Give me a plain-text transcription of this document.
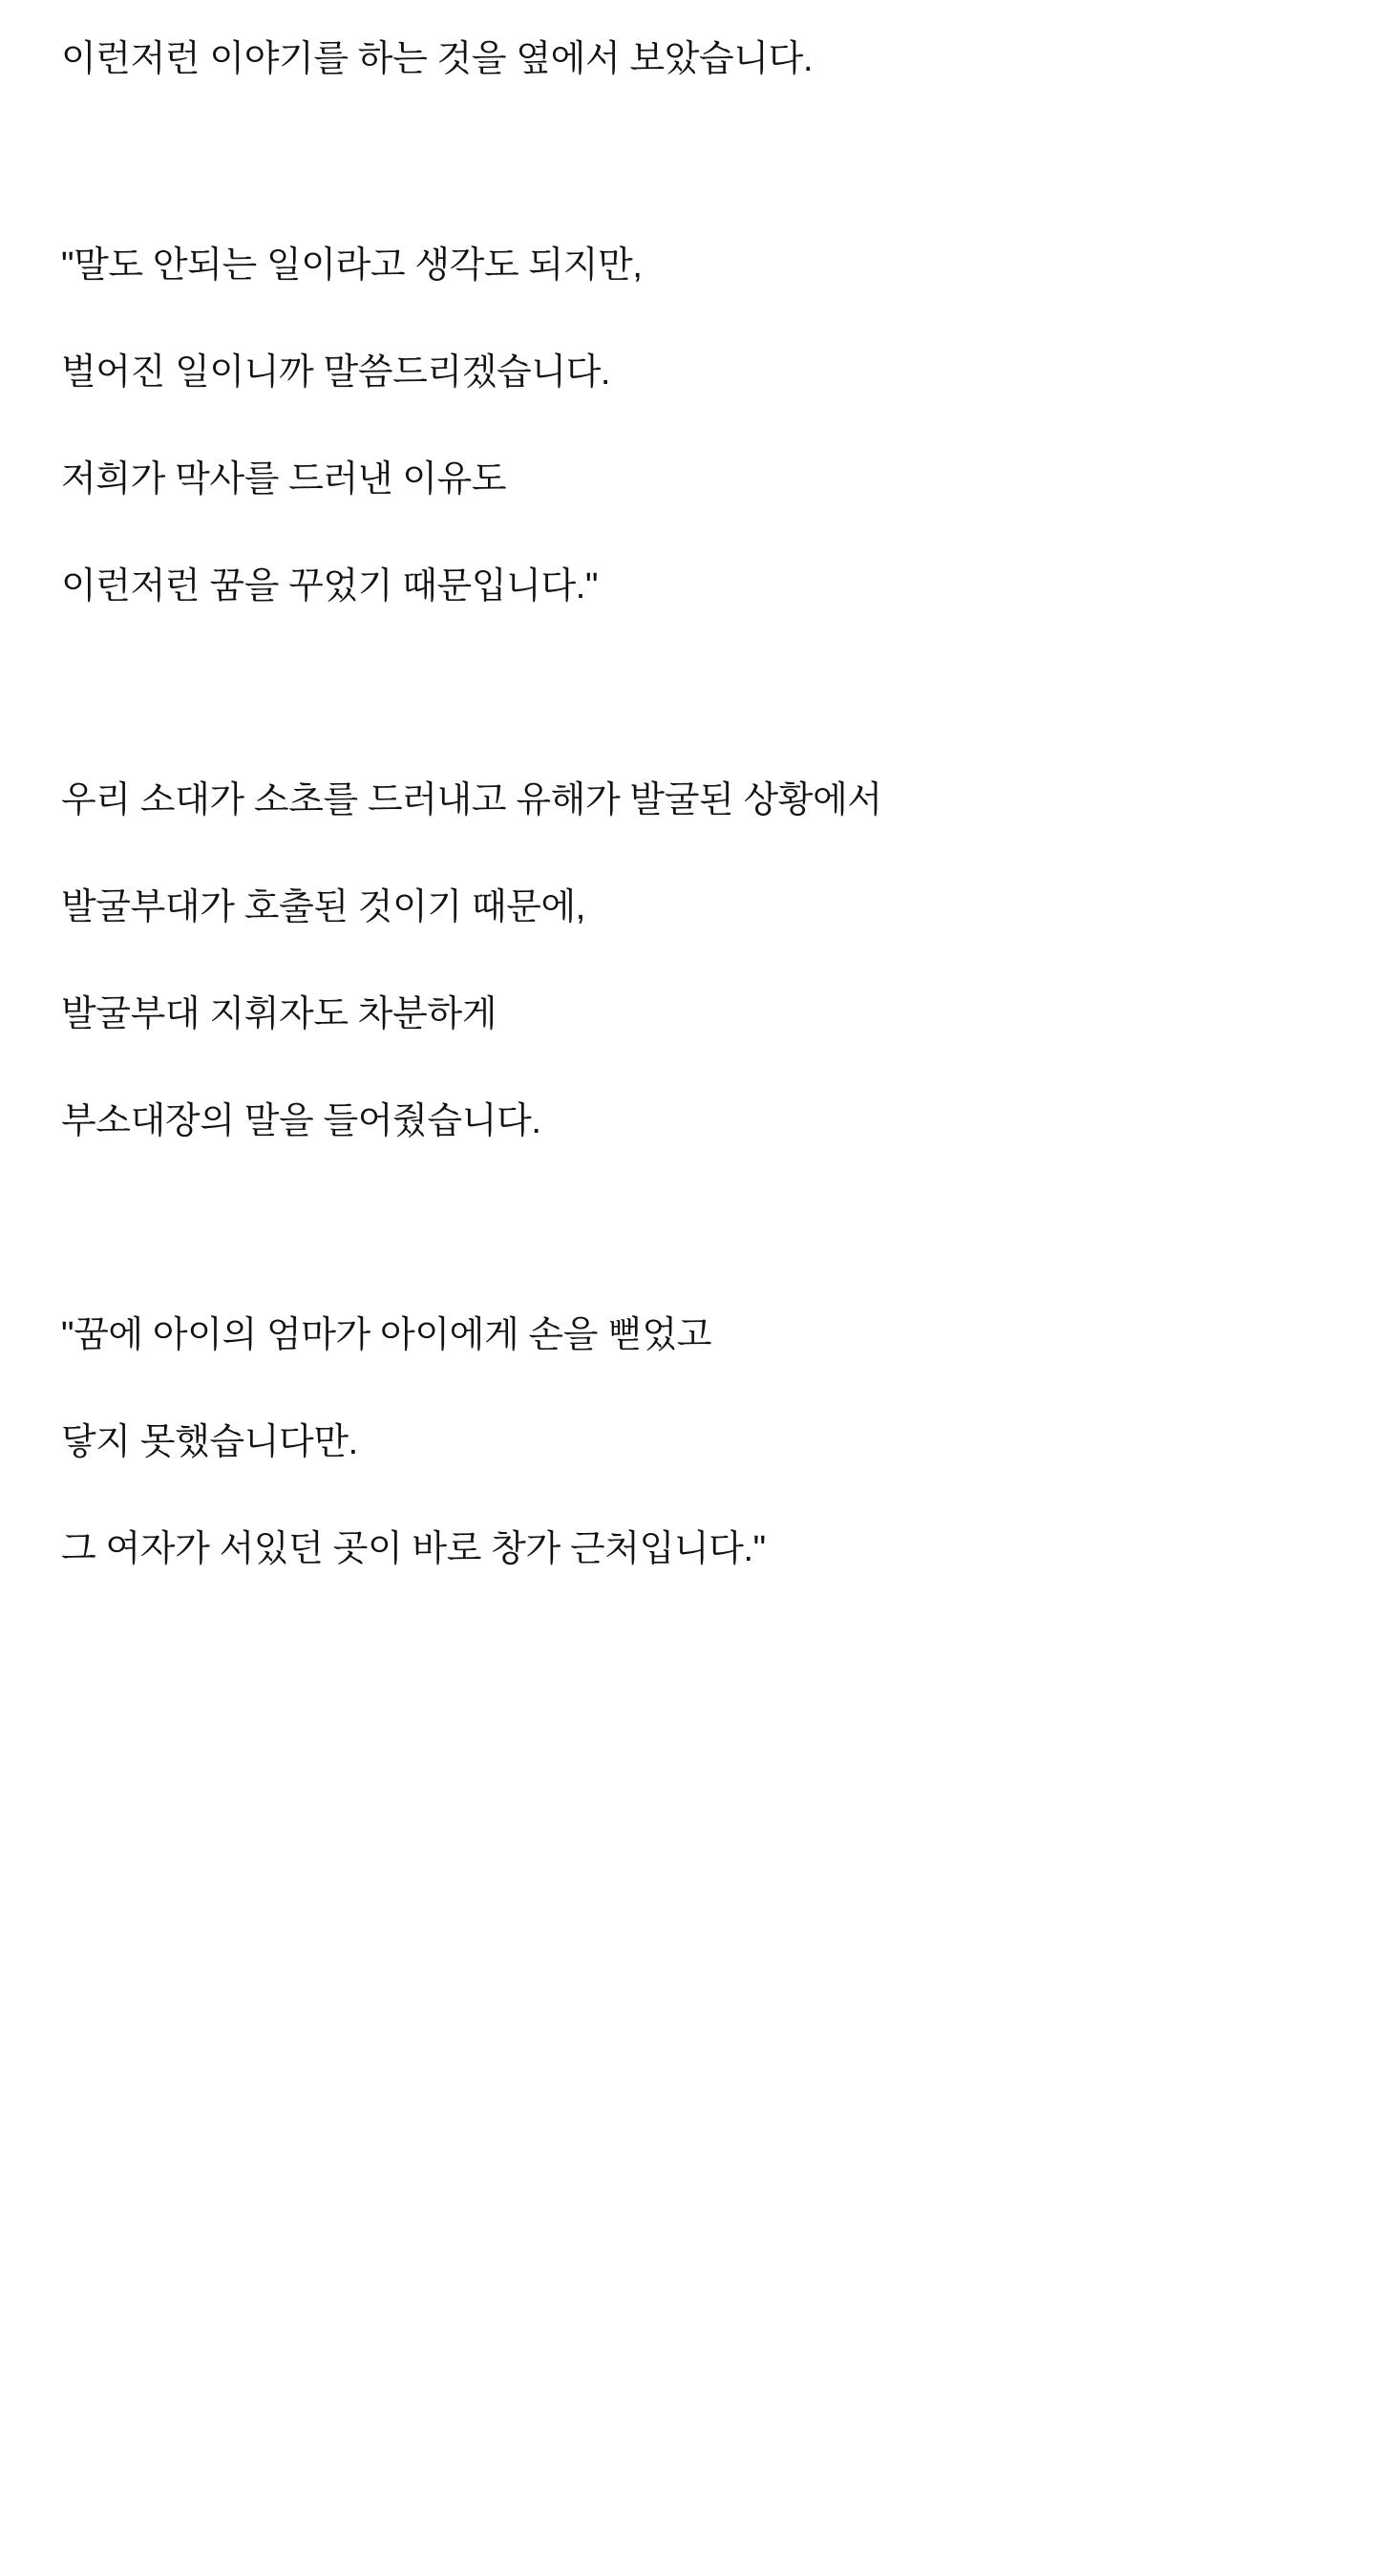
이런저런 이야기를 하는 것을 옆에서 보았습니다.
"말도 안되는 일이라고 생각도 되지만,
벌어진 일이니까 말씀드리겠습니다.
저희가 막사를 드러낸 이유도
이런저런 꿈을 꾸었기 때문입니다."
우리 소대가 소초를 드러내고 유해가 발굴된 상황에서
발굴부대가 호출된 것이기 때문에,
발굴부대 지휘자도 차분하게
부소대장의 말을 들어줬습니다.
"꿈에 아이의 엄마가 아이에게 손을 뻗었고
닿지 못했습니다만.
그 여자가 서있던 곳이 바로 창가 근처입니다."
